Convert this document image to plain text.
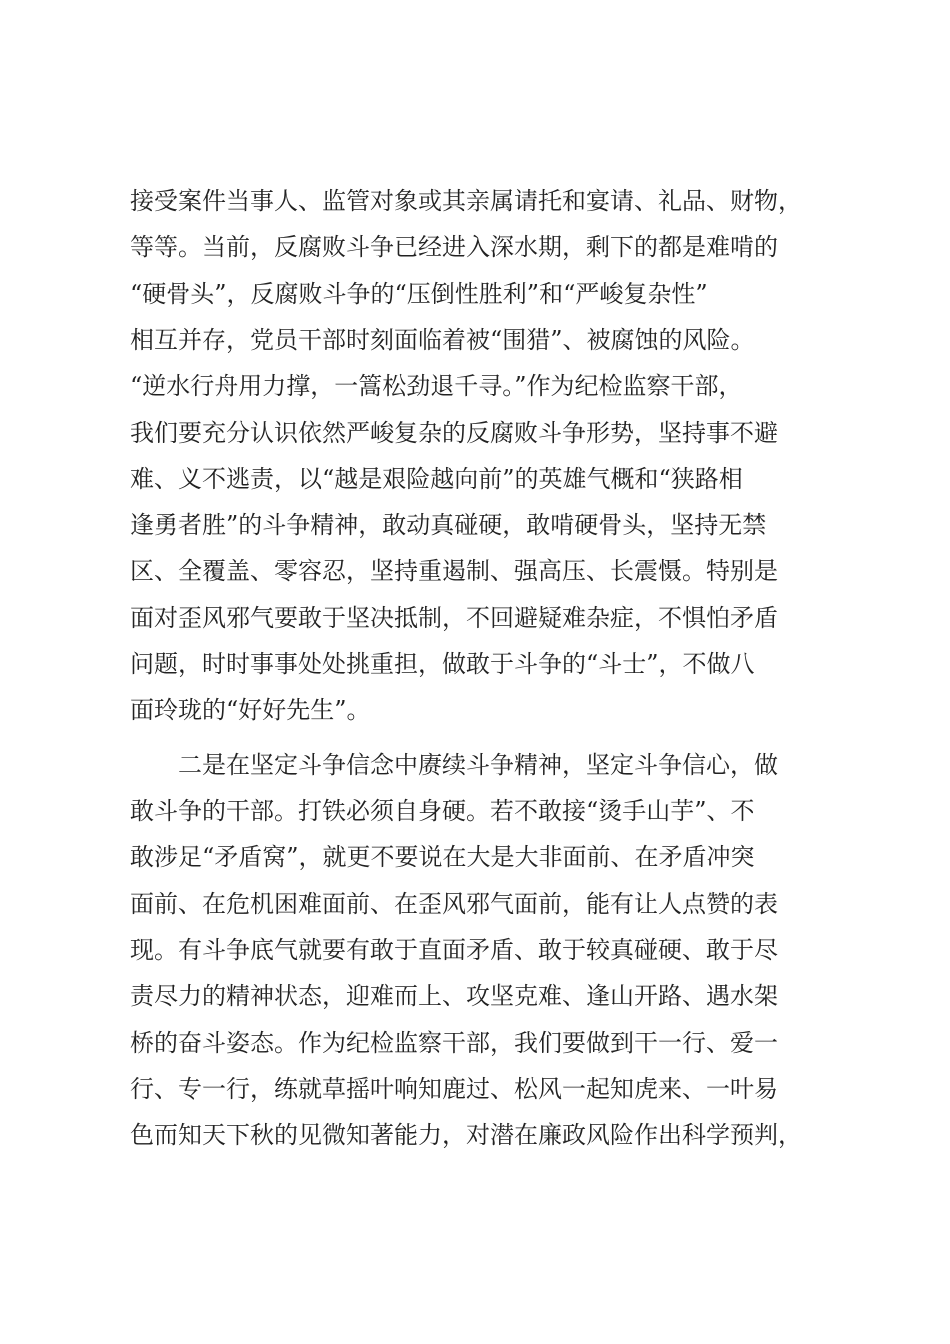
接受案件当事人、监管对象或其亲属请托和宴请、礼品、财物，
等等。当前，反腐败斗争已经进入深水期，剩下的都是难啃的
“硬骨头”，反腐败斗争的“压倒性胜利”和“严峻复杂性”
相互并存，党员干部时刻面临着被“围猎”、被腐蚀的风险。
“逆水行舟用力撑，一篙松劲退千寻。”作为纪检监察干部，
我们要充分认识依然严峻复杂的反腐败斗争形势，坚持事不避
难、义不逃责，以“越是艰险越向前”的英雄气概和“狭路相
逢勇者胜”的斗争精神，敢动真碰硬，敢啃硬骨头，坚持无禁
区、全覆盖、零容忍，坚持重遏制、强高压、长震慑。特别是
面对歪风邪气要敢于坚决抵制，不回避疑难杂症，不惧怕矛盾
问题，时时事事处处挑重担，做敢于斗争的“斗士”，不做八
面玲珑的“好好先生”。
二是在坚定斗争信念中赓续斗争精神，坚定斗争信心，做
敢斗争的干部。打铁必须自身硬。若不敢接“烫手山芋”、不
敢涉足“矛盾窝”，就更不要说在大是大非面前、在矛盾冲突
面前、在危机困难面前、在歪风邪气面前，能有让人点赞的表
现。有斗争底气就要有敢于直面矛盾、敢于较真碰硬、敢于尽
责尽力的精神状态，迎难而上、攻坚克难、逢山开路、遇水架
桥的奋斗姿态。作为纪检监察干部，我们要做到干一行、爱一
行、专一行，练就草摇叶响知鹿过、松风一起知虎来、一叶易
色而知天下秋的见微知著能力，对潜在廉政风险作出科学预判，
